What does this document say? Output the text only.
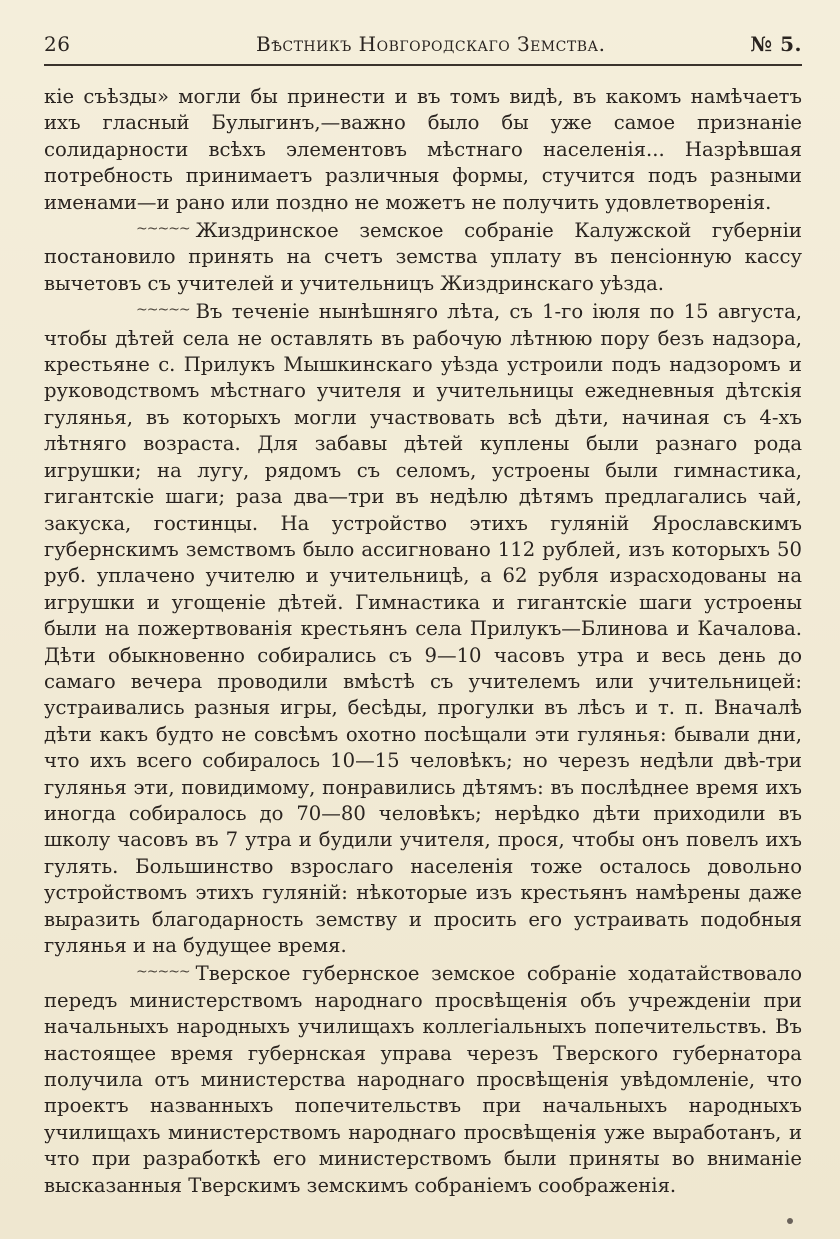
26	Вѣстникъ Новгородскаго Земства.	№ 5.

кіе съѣзды» могли бы принести и въ томъ видѣ, въ какомъ намѣчаетъ ихъ гласный Булыгинъ,—важно было бы уже самое признаніе солидарности всѣхъ элементовъ мѣстнаго населенія... Назрѣвшая потребность принимаетъ различныя формы, стучится подъ разными именами—и рано или поздно не можетъ не получить удовлетворенія.

~~~~~ Жиздринское земское собраніе Калужской губерніи постановило принять на счетъ земства уплату въ пенсіонную кассу вычетовъ съ учителей и учительницъ Жиздринскаго уѣзда.

~~~~~ Въ теченіе нынѣшняго лѣта, съ 1-го іюля по 15 августа, чтобы дѣтей села не оставлять въ рабочую лѣтнюю пору безъ надзора, крестьяне с. Прилукъ Мышкинскаго уѣзда устроили подъ надзоромъ и руководствомъ мѣстнаго учителя и учительницы ежедневныя дѣтскія гулянья, въ которыхъ могли участвовать всѣ дѣти, начиная съ 4-хъ лѣтняго возраста. Для забавы дѣтей куплены были разнаго рода игрушки; на лугу, рядомъ съ селомъ, устроены были гимнастика, гигантскіе шаги; раза два—три въ недѣлю дѣтямъ предлагались чай, закуска, гостинцы. На устройство этихъ гуляній Ярославскимъ губернскимъ земствомъ было ассигновано 112 рублей, изъ которыхъ 50 руб. уплачено учителю и учительницѣ, а 62 рубля израсходованы на игрушки и угощеніе дѣтей. Гимнастика и гигантскіе шаги устроены были на пожертвованія крестьянъ села Прилукъ—Блинова и Качалова. Дѣти обыкновенно собирались съ 9—10 часовъ утра и весь день до самаго вечера проводили вмѣстѣ съ учителемъ или учительницей: устраивались разныя игры, бесѣды, прогулки въ лѣсъ и т. п. Вначалѣ дѣти какъ будто не совсѣмъ охотно посѣщали эти гулянья: бывали дни, что ихъ всего собиралось 10—15 человѣкъ; но черезъ недѣли двѣ-три гулянья эти, повидимому, понравились дѣтямъ: въ послѣднее время ихъ иногда собиралось до 70—80 человѣкъ; нерѣдко дѣти приходили въ школу часовъ въ 7 утра и будили учителя, прося, чтобы онъ повелъ ихъ гулять. Большинство взрослаго населенія тоже осталось довольно устройствомъ этихъ гуляній: нѣкоторые изъ крестьянъ намѣрены даже выразить благодарность земству и просить его устраивать подобныя гулянья и на будущее время.

~~~~~ Тверское губернское земское собраніе ходатайствовало передъ министерствомъ народнаго просвѣщенія объ учрежденіи при начальныхъ народныхъ училищахъ коллегіальныхъ попечительствъ. Въ настоящее время губернская управа черезъ Тверского губернатора получила отъ министерства народнаго просвѣщенія увѣдомленіе, что проектъ названныхъ попечительствъ при начальныхъ народныхъ училищахъ министерствомъ народнаго просвѣщенія уже выработанъ, и что при разработкѣ его министерствомъ были приняты во вниманіе высказанныя Тверскимъ земскимъ собраніемъ соображенія.
